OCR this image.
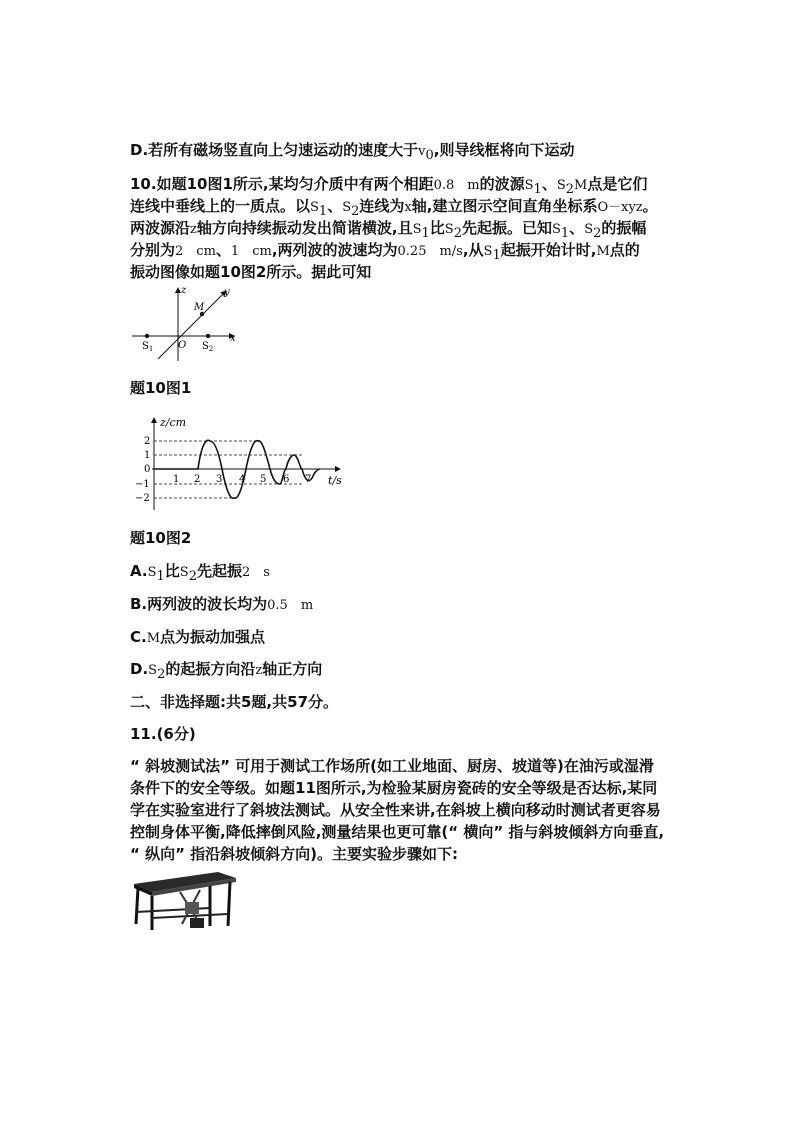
D.若所有磁场竖直向上匀速运动的速度大于$v_0$,则导线框将向下运动
10.如题10图1所示,某均匀介质中有两个相距0.8　m的波源$S_1$、$S_2M$点是它们
连线中垂线上的一质点。以$S_1$、$S_2$连线为x轴,建立图示空间直角坐标系O－xyz。
两波源沿z轴方向持续振动发出简谐横波,且$S_1$比$S_2$先起振。已知$S_1$、$S_2$的振幅
分别为2　cm、1　cm,两列波的波速均为0.25　m/s,从$S_1$起振开始计时,M点的
振动图像如题10图2所示。据此可知
z	y
x
M
O
$S_1$	$S_2$
题10图1
z/cm
t/s
2
1
0
−1
−2
1 2 3 4 5 6 7
题10图2
$A.S_1$比$S_2$先起振2　s
B.两列波的波长均为0.5　m
C.M点为振动加强点
$D.S_2$的起振方向沿z轴正方向
二、非选择题:共5题,共57分。
11.(6分)
“ 斜坡测试法” 可用于测试工作场所(如工业地面、厨房、坡道等)在油污或湿滑
条件下的安全等级。如题11图所示,为检验某厨房瓷砖的安全等级是否达标,某同
学在实验室进行了斜坡法测试。从安全性来讲,在斜坡上横向移动时测试者更容易
控制身体平衡,降低摔倒风险,测量结果也更可靠(“ 横向” 指与斜坡倾斜方向垂直,
“ 纵向” 指沿斜坡倾斜方向)。主要实验步骤如下:
